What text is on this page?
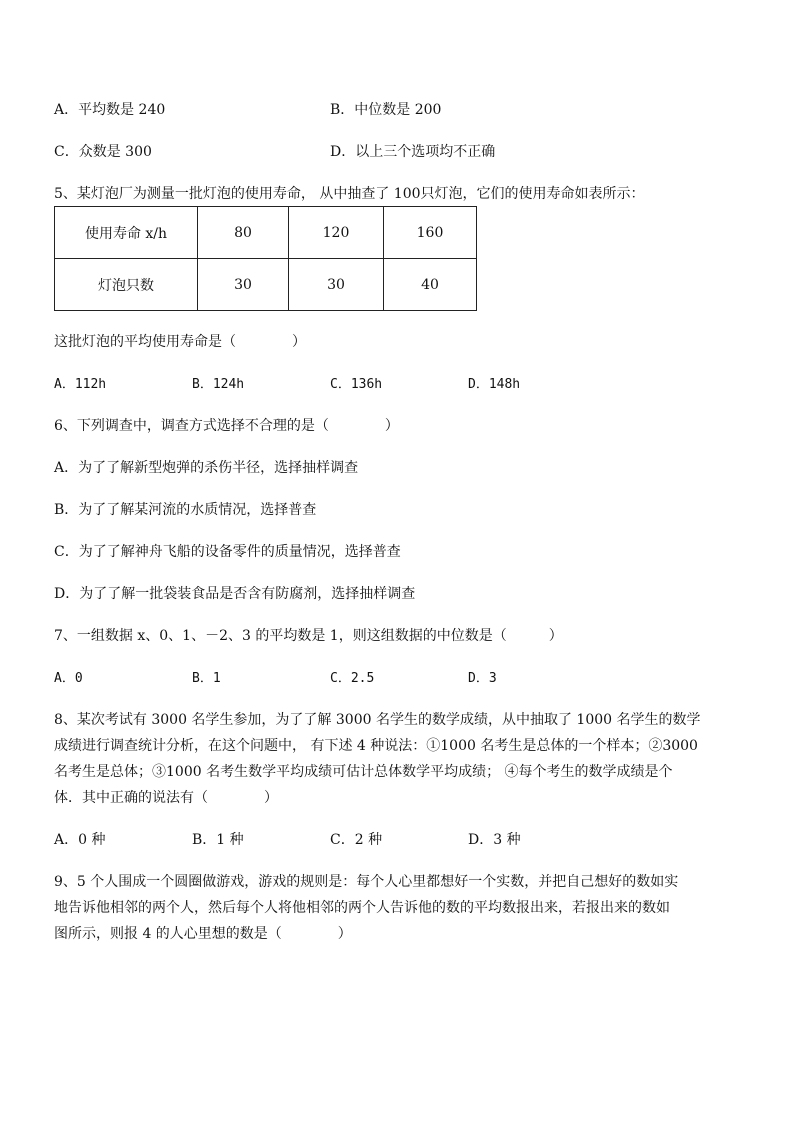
A．平均数是 240	B．中位数是 200
C．众数是 300	D．以上三个选项均不正确
5、某灯泡厂为测量一批灯泡的使用寿命， 从中抽查了 100只灯泡，它们的使用寿命如表所示：
使用寿命 x/h	80	120	160
灯泡只数	30	30	40
这批灯泡的平均使用寿命是（　　　　）
A．112h	B．124h	C．136h	D．148h
6、下列调查中，调查方式选择不合理的是（　　　　）
A．为了了解新型炮弹的杀伤半径，选择抽样调查
B．为了了解某河流的水质情况，选择普查
C．为了了解神舟飞船的设备零件的质量情况，选择普查
D．为了了解一批袋装食品是否含有防腐剂，选择抽样调查
7、一组数据 x、0、1、－2、3 的平均数是 1，则这组数据的中位数是（　　　）
A．0	B．1	C．2.5	D．3
8、某次考试有 3000 名学生参加，为了了解 3000 名学生的数学成绩，从中抽取了 1000 名学生的数学
成绩进行调查统计分析，在这个问题中， 有下述 4 种说法：①1000 名考生是总体的一个样本；②3000
名考生是总体；③1000 名考生数学平均成绩可估计总体数学平均成绩； ④每个考生的数学成绩是个
体．其中正确的说法有（　　　　）
A．0 种	B．1 种	C．2 种	D．3 种
9、5 个人围成一个圆圈做游戏，游戏的规则是：每个人心里都想好一个实数，并把自己想好的数如实
地告诉他相邻的两个人，然后每个人将他相邻的两个人告诉他的数的平均数报出来，若报出来的数如
图所示，则报 4 的人心里想的数是（　　　　）
